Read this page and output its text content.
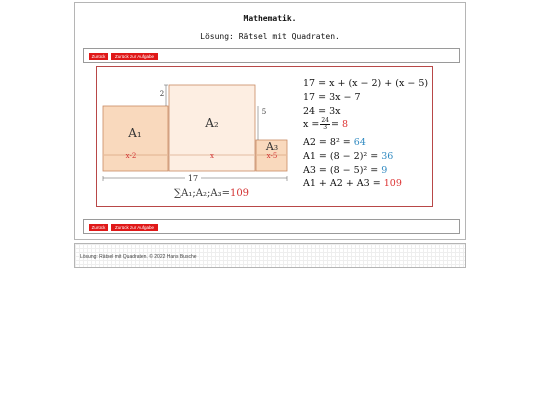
Mathematik.
Lösung: Rätsel mit Quadraten.
Zurück	Zurück zur Aufgabe
Zurück	Zurück zur Aufgabe
A₁
A₂
A₃
2
5
x-2	x	x-5
17
∑A₁;A₂;A₃=109
17 = x + (x − 2) + (x − 5)
17 = 3x − 7
24 = 3x
$x = \frac{24}{3} = 8$
A2 = 8² = 64
A1 = (8 − 2)² = 36
A3 = (8 − 5)² = 9
A1 + A2 + A3 = 109
Lösung: Rätsel mit Quadraten. © 2022 Hans Busche
